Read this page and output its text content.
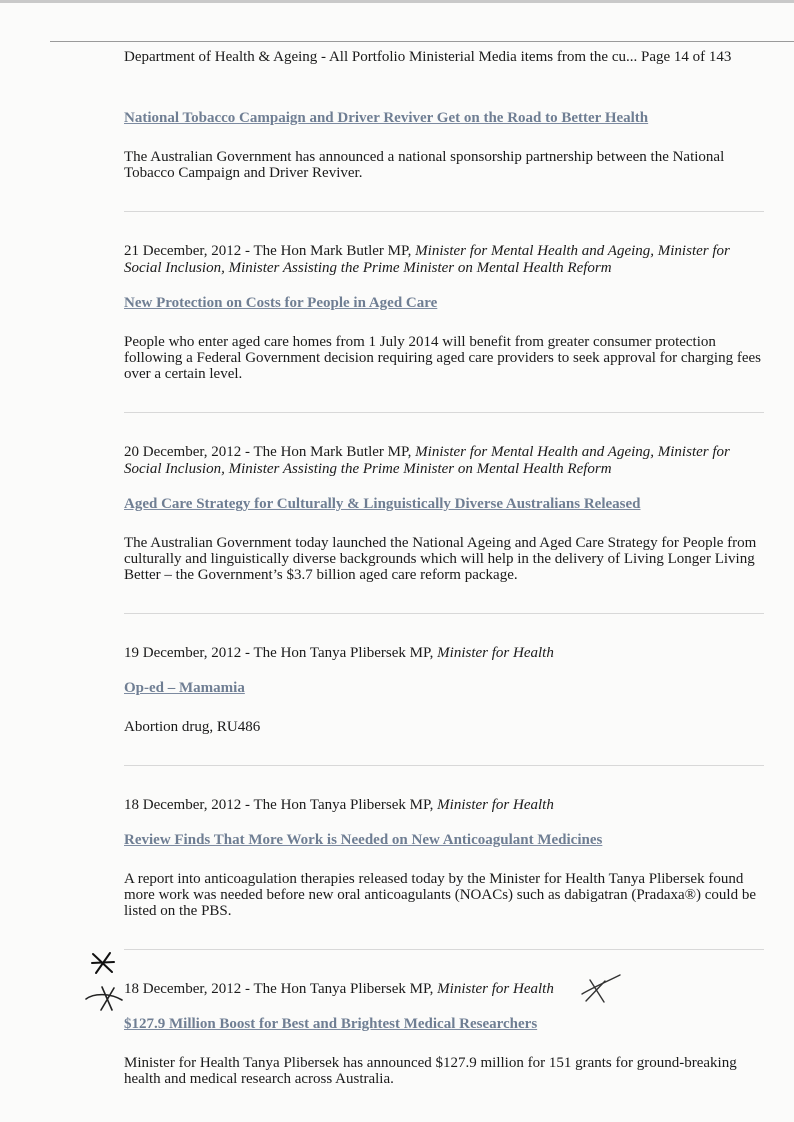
Department of Health & Ageing - All Portfolio Ministerial Media items from the cu... Page 14 of 143
National Tobacco Campaign and Driver Reviver Get on the Road to Better Health

The Australian Government has announced a national sponsorship partnership between the National Tobacco Campaign and Driver Reviver.

21 December, 2012 - The Hon Mark Butler MP, Minister for Mental Health and Ageing, Minister for Social Inclusion, Minister Assisting the Prime Minister on Mental Health Reform

New Protection on Costs for People in Aged Care

People who enter aged care homes from 1 July 2014 will benefit from greater consumer protection following a Federal Government decision requiring aged care providers to seek approval for charging fees over a certain level.

20 December, 2012 - The Hon Mark Butler MP, Minister for Mental Health and Ageing, Minister for Social Inclusion, Minister Assisting the Prime Minister on Mental Health Reform

Aged Care Strategy for Culturally & Linguistically Diverse Australians Released

The Australian Government today launched the National Ageing and Aged Care Strategy for People from culturally and linguistically diverse backgrounds which will help in the delivery of Living Longer Living Better – the Government’s $3.7 billion aged care reform package.

19 December, 2012 - The Hon Tanya Plibersek MP, Minister for Health

Op-ed – Mamamia

Abortion drug, RU486

18 December, 2012 - The Hon Tanya Plibersek MP, Minister for Health

Review Finds That More Work is Needed on New Anticoagulant Medicines

A report into anticoagulation therapies released today by the Minister for Health Tanya Plibersek found more work was needed before new oral anticoagulants (NOACs) such as dabigatran (Pradaxa®) could be listed on the PBS.

18 December, 2012 - The Hon Tanya Plibersek MP, Minister for Health

$127.9 Million Boost for Best and Brightest Medical Researchers

Minister for Health Tanya Plibersek has announced $127.9 million for 151 grants for ground-breaking health and medical research across Australia.
